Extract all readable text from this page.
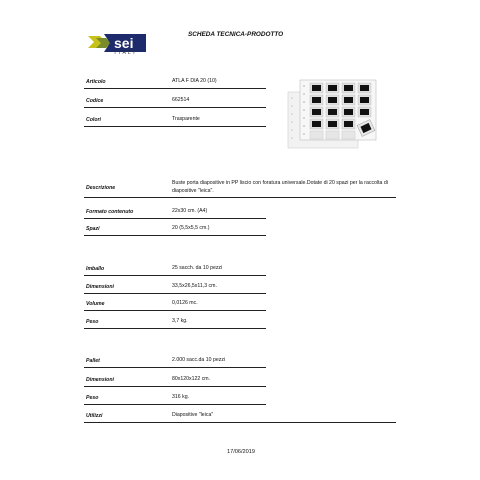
sei
ITALY
SCHEDA TECNICA-PRODOTTO
Articolo	ATLA F DIA 20 (10)
Codice	662514
Colori	Trasparente
Descrizione
Buste porta diapositive in PP liscio con foratura universale.Dotate di 20 spazi per la raccolta di
diapositive "leica".
Formato contenuto	22x30 cm. (A4)
Spazi	20 (5,5x5,5 cm.)
Imballo	25 sacch. da 10 pezzi
Dimensioni	33,5x26,5x11,3 cm.
Volume	0,0126 mc.
Peso	3,7 kg.
Pallet	2.000 sacc.da 10 pezzi
Dimensioni	80x120x122 cm.
Peso	316 kg.
Utilizzi	Diapositive "leica"
17/06/2019
